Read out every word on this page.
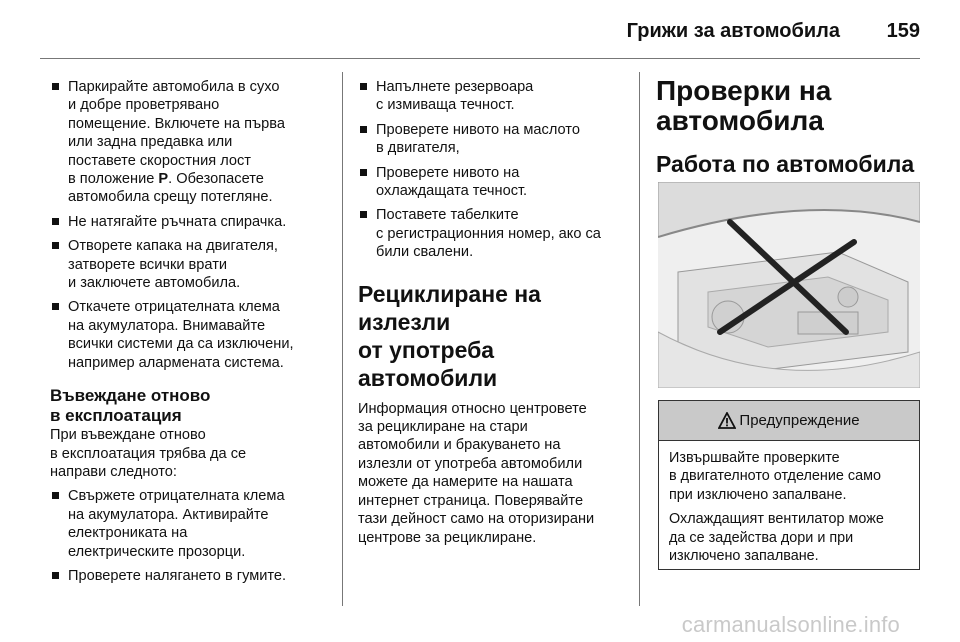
Грижи за автомобила 159
Паркирайте автомобила в сухо
и добре проветрявано
помещение. Включете на първа
или задна предавка или
поставете скоростния лост
в положение P. Обезопасете
автомобила срещу потегляне.
Не натягайте ръчната спирачка.
Отворете капака на двигателя,
затворете всички врати
и заключете автомобила.
Откачете отрицателната клема
на акумулатора. Внимавайте
всички системи да са изключени,
например алармената система.
Въвеждане отново
в експлоатация
При въвеждане отново
в експлоатация трябва да се
направи следното:
Свържете отрицателната клема
на акумулатора. Активирайте
електрониката на
електрическите прозорци.
Проверете налягането в гумите.
Напълнете резервоара
с измиваща течност.
Проверете нивото на маслото
в двигателя,
Проверете нивото на
охлаждащата течност.
Поставете табелките
с регистрационния номер, ако са
били свалени.
Рециклиране на излезли
от употреба автомобили
Информация относно центровете
за рециклиране на стари
автомобили и бракуването на
излезли от употреба автомобили
можете да намерите на нашата
интернет страница. Поверявайте
тази дейност само на оторизирани
центрове за рециклиране.
Проверки на
автомобила
Работа по автомобила
Предупреждение

Извършвайте проверките
в двигателното отделение само
при изключено запалване.

Охлаждащият вентилатор може
да се задейства дори и при
изключено запалване.

carmanualsonline.info
